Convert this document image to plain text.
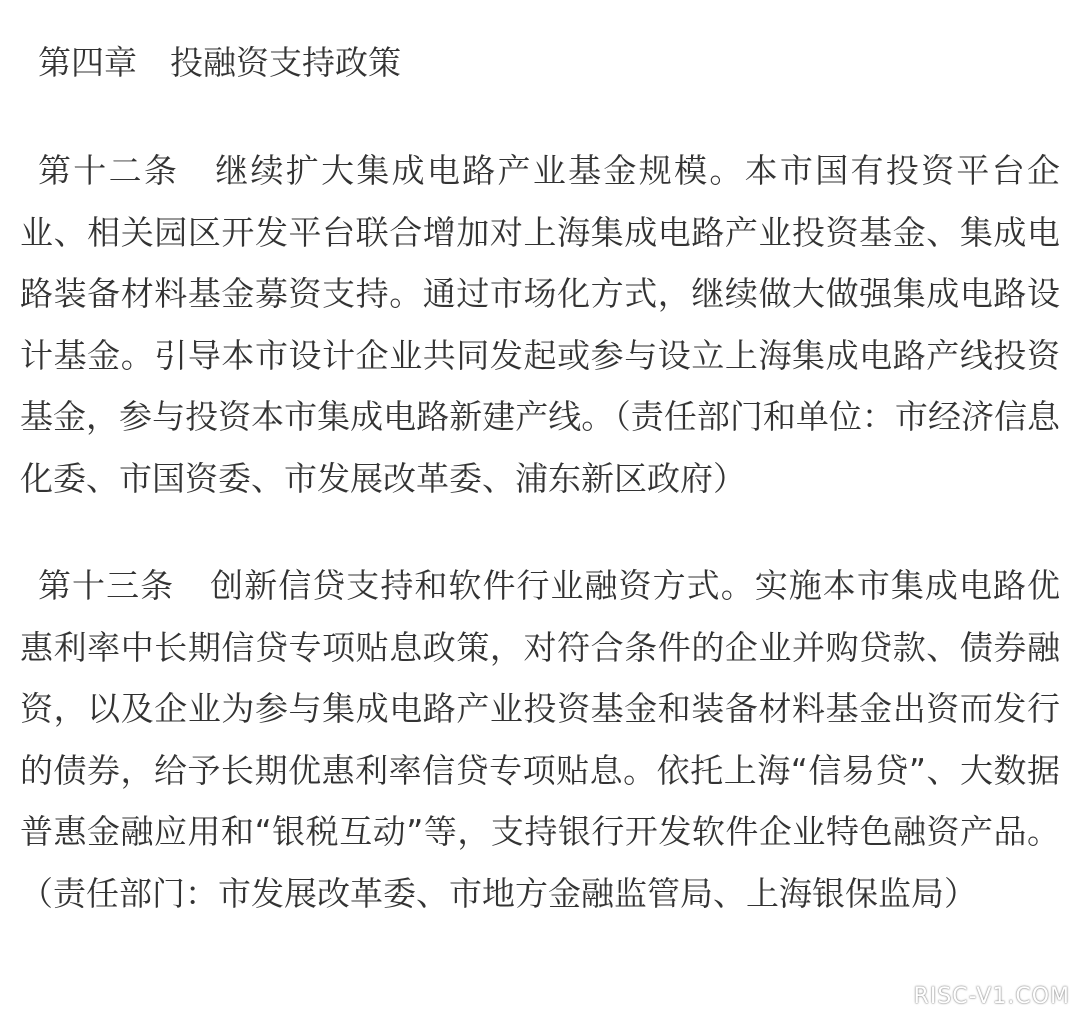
第四章　投融资支持政策

第十二条 继续扩大集成电路产业基金规模。本市国有投资平台企业、相关园区开发平台联合增加对上海集成电路产业投资基金、集成电路装备材料基金募资支持。通过市场化方式，继续做大做强集成电路设计基金。引导本市设计企业共同发起或参与设立上海集成电路产线投资基金，参与投资本市集成电路新建产线。（责任部门和单位：市经济信息化委、市国资委、市发展改革委、浦东新区政府）

第十三条 创新信贷支持和软件行业融资方式。实施本市集成电路优惠利率中长期信贷专项贴息政策，对符合条件的企业并购贷款、债券融资，以及企业为参与集成电路产业投资基金和装备材料基金出资而发行的债券，给予长期优惠利率信贷专项贴息。依托上海“信易贷”、大数据普惠金融应用和“银税互动”等，支持银行开发软件企业特色融资产品。（责任部门：市发展改革委、市地方金融监管局、上海银保监局）

RISC-V1.COM
